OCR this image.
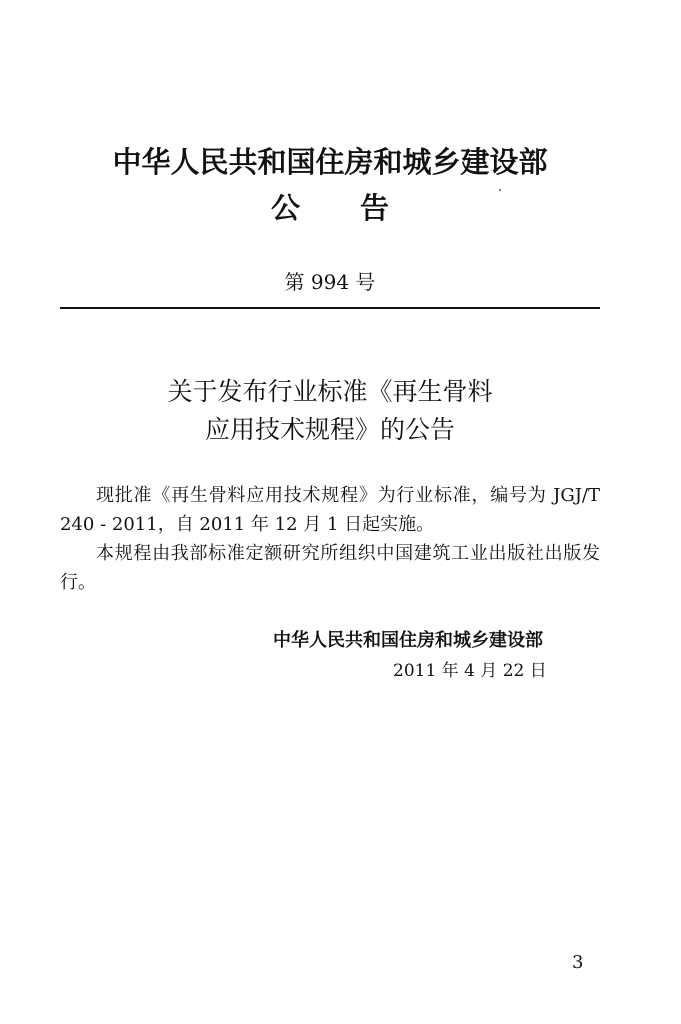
中华人民共和国住房和城乡建设部
公告
第 994 号
关于发布行业标准《再生骨料
应用技术规程》的公告
现批准《再生骨料应用技术规程》为行业标准，编号为 JGJ/T 240 - 2011，自 2011 年 12 月 1 日起实施。
本规程由我部标准定额研究所组织中国建筑工业出版社出版发行。
中华人民共和国住房和城乡建设部
2011 年 4 月 22 日
3
